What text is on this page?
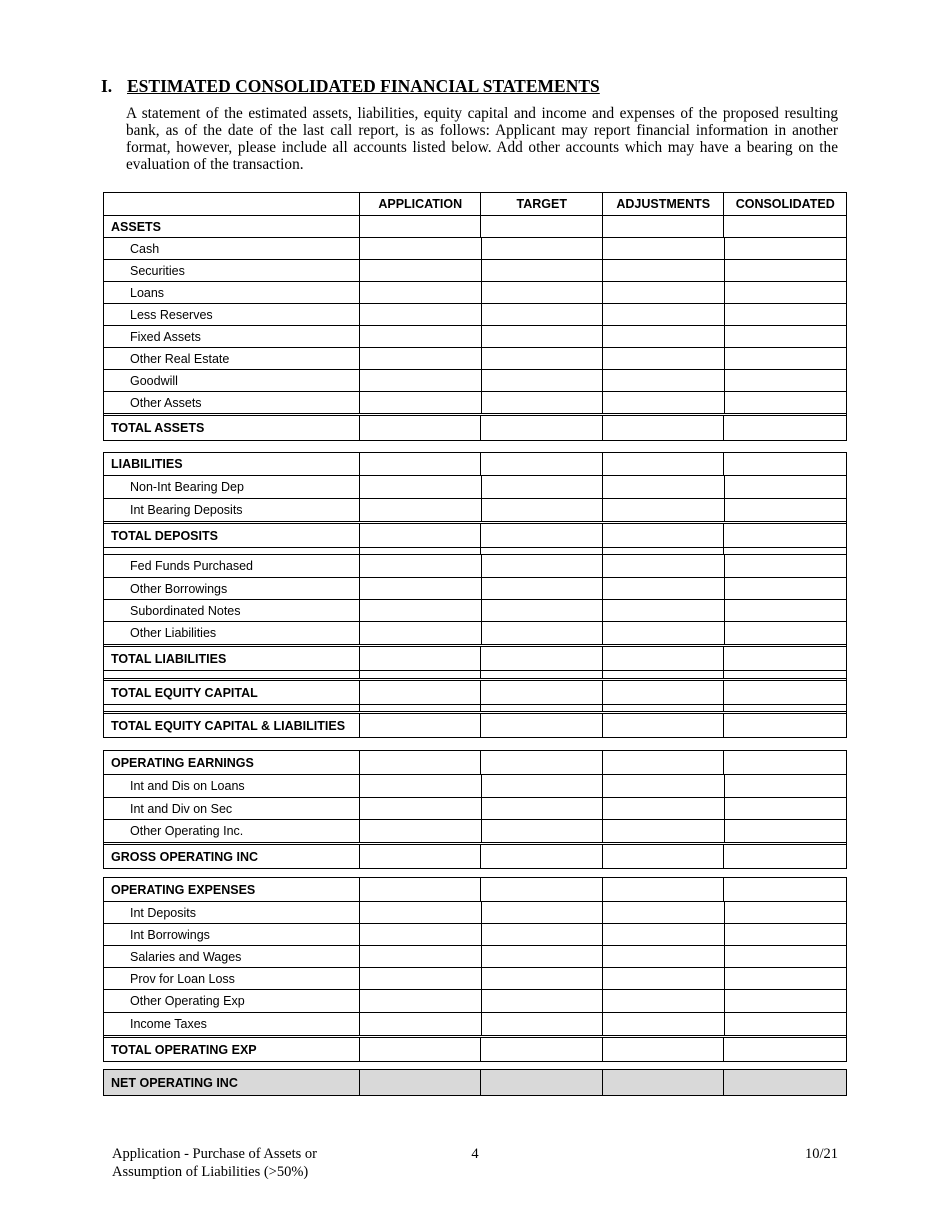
I. ESTIMATED CONSOLIDATED FINANCIAL STATEMENTS

A statement of the estimated assets, liabilities, equity capital and income and expenses of the proposed resulting bank, as of the date of the last call report, is as follows: Applicant may report financial information in another format, however, please include all accounts listed below. Add other accounts which may have a bearing on the evaluation of the transaction.

APPLICATION	TARGET	ADJUSTMENTS	CONSOLIDATED
ASSETS
Cash
Securities
Loans
Less Reserves
Fixed Assets
Other Real Estate
Goodwill
Other Assets
TOTAL ASSETS
LIABILITIES
Non-Int Bearing Dep
Int Bearing Deposits
TOTAL DEPOSITS
Fed Funds Purchased
Other Borrowings
Subordinated Notes
Other Liabilities
TOTAL LIABILITIES
TOTAL EQUITY CAPITAL
TOTAL EQUITY CAPITAL & LIABILITIES
OPERATING EARNINGS
Int and Dis on Loans
Int and Div on Sec
Other Operating Inc.
GROSS OPERATING INC
OPERATING EXPENSES
Int Deposits
Int Borrowings
Salaries and Wages
Prov for Loan Loss
Other Operating Exp
Income Taxes
TOTAL OPERATING EXP
NET OPERATING INC
Application - Purchase of Assets or
Assumption of Liabilities (>50%)
4	10/21
